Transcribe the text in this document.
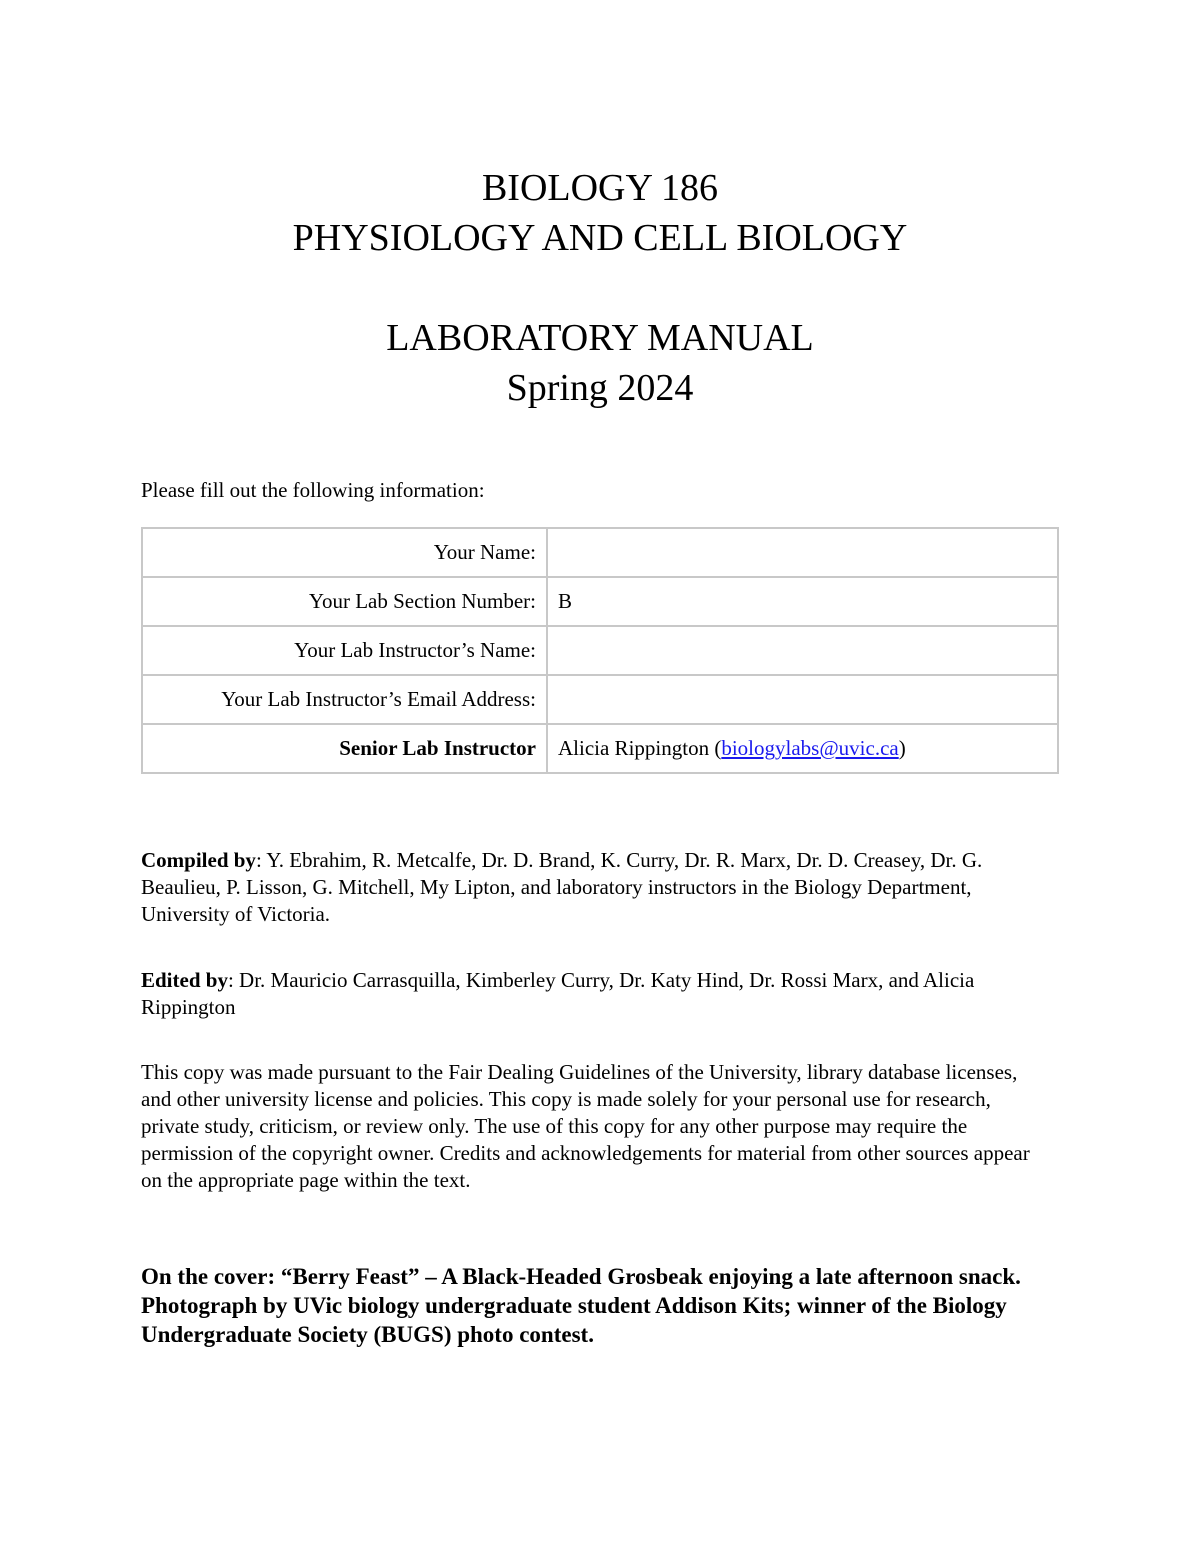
BIOLOGY 186
PHYSIOLOGY AND CELL BIOLOGY
LABORATORY MANUAL
Spring 2024
Please fill out the following information:
Your Name:	
Your Lab Section Number:	B
Your Lab Instructor’s Name:	
Your Lab Instructor’s Email Address:	
Senior Lab Instructor	Alicia Rippington (biologylabs@uvic.ca)
Compiled by: Y. Ebrahim, R. Metcalfe, Dr. D. Brand, K. Curry, Dr. R. Marx, Dr. D. Creasey, Dr. G. Beaulieu, P. Lisson, G. Mitchell, My Lipton, and laboratory instructors in the Biology Department, University of Victoria.
Edited by: Dr. Mauricio Carrasquilla, Kimberley Curry, Dr. Katy Hind, Dr. Rossi Marx, and Alicia Rippington
This copy was made pursuant to the Fair Dealing Guidelines of the University, library database licenses, and other university license and policies. This copy is made solely for your personal use for research, private study, criticism, or review only. The use of this copy for any other purpose may require the permission of the copyright owner. Credits and acknowledgements for material from other sources appear on the appropriate page within the text.
On the cover: “Berry Feast” – A Black-Headed Grosbeak enjoying a late afternoon snack. Photograph by UVic biology undergraduate student Addison Kits; winner of the Biology Undergraduate Society (BUGS) photo contest.
